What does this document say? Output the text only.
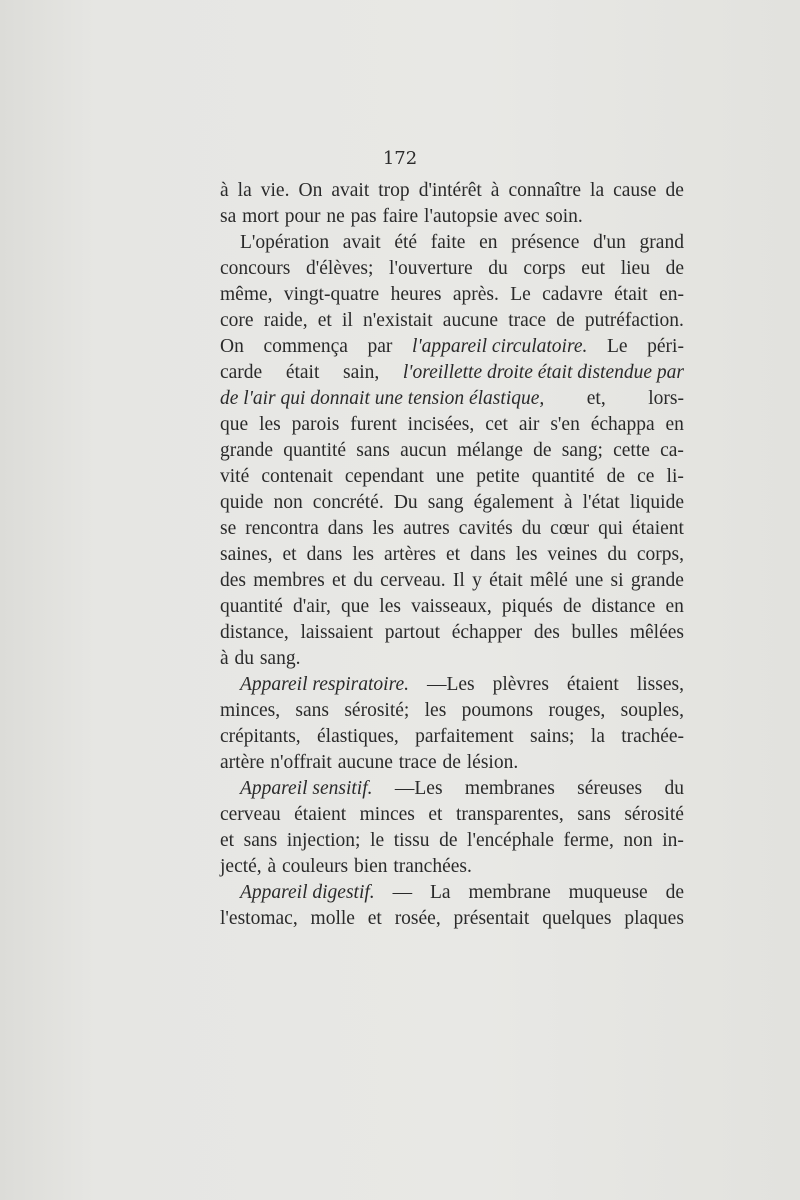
172
à la vie. On avait trop d'intérêt à connaître la cause de
sa mort pour ne pas faire l'autopsie avec soin.
L'opération avait été faite en présence d'un grand
concours d'élèves; l'ouverture du corps eut lieu de
même, vingt-quatre heures après. Le cadavre était en-
core raide, et il n'existait aucune trace de putréfaction.
On commença par l'appareil circulatoire. Le péri-
carde était sain, l'oreillette droite était distendue par
de l'air qui donnait une tension élastique, et, lors-
que les parois furent incisées, cet air s'en échappa en
grande quantité sans aucun mélange de sang; cette ca-
vité contenait cependant une petite quantité de ce li-
quide non concrété. Du sang également à l'état liquide
se rencontra dans les autres cavités du cœur qui étaient
saines, et dans les artères et dans les veines du corps,
des membres et du cerveau. Il y était mêlé une si grande
quantité d'air, que les vaisseaux, piqués de distance en
distance, laissaient partout échapper des bulles mêlées
à du sang.
Appareil respiratoire. —Les plèvres étaient lisses,
minces, sans sérosité; les poumons rouges, souples,
crépitants, élastiques, parfaitement sains; la trachée-
artère n'offrait aucune trace de lésion.
Appareil sensitif. —Les membranes séreuses du
cerveau étaient minces et transparentes, sans sérosité
et sans injection; le tissu de l'encéphale ferme, non in-
jecté, à couleurs bien tranchées.
Appareil digestif. — La membrane muqueuse de
l'estomac, molle et rosée, présentait quelques plaques
